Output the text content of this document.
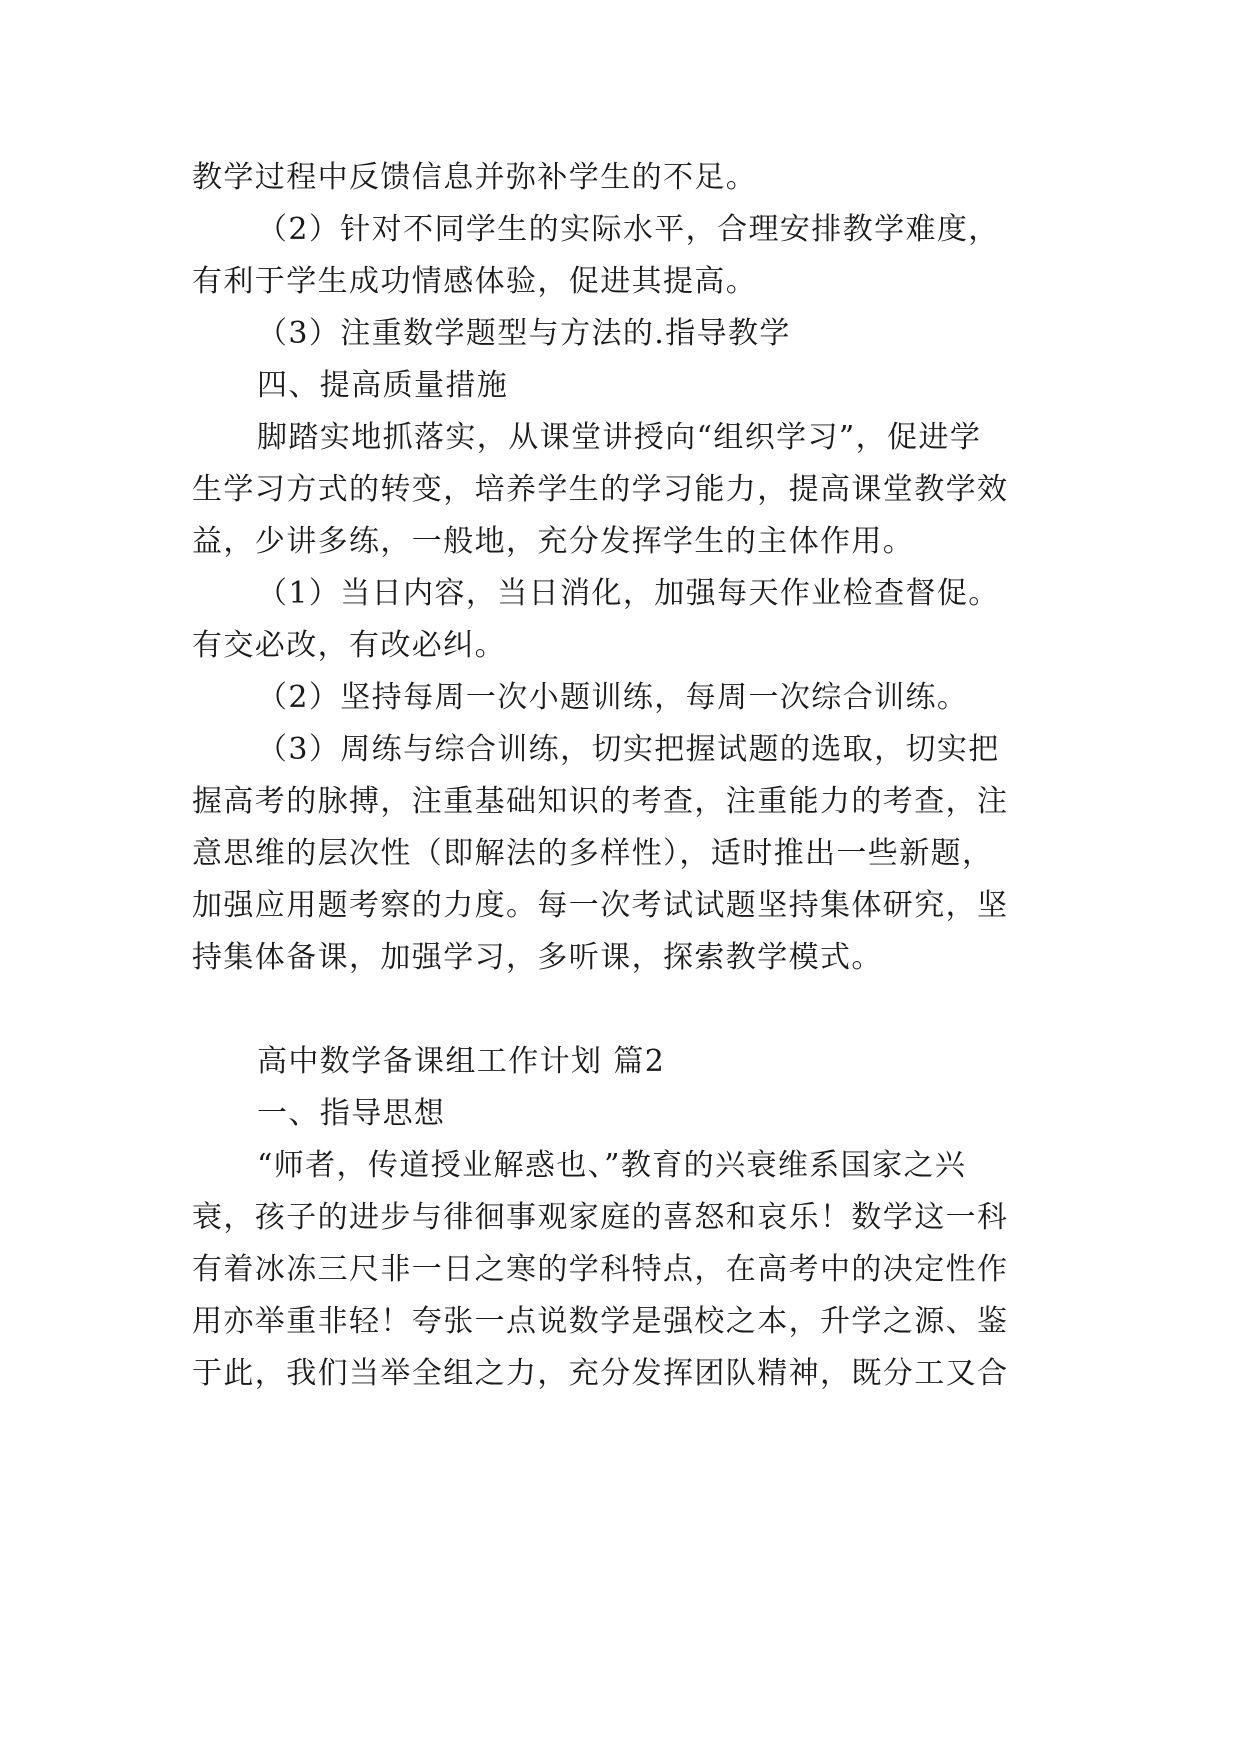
教学过程中反馈信息并弥补学生的不足。
（2）针对不同学生的实际水平，合理安排教学难度，
有利于学生成功情感体验，促进其提高。
（3）注重数学题型与方法的.指导教学
四、提高质量措施
脚踏实地抓落实，从课堂讲授向“组织学习”，促进学
生学习方式的转变，培养学生的学习能力，提高课堂教学效
益，少讲多练，一般地，充分发挥学生的主体作用。
（1）当日内容，当日消化，加强每天作业检查督促。
有交必改，有改必纠。
（2）坚持每周一次小题训练，每周一次综合训练。
（3）周练与综合训练，切实把握试题的选取，切实把
握高考的脉搏，注重基础知识的考查，注重能力的考查，注
意思维的层次性（即解法的多样性），适时推出一些新题，
加强应用题考察的力度。每一次考试试题坚持集体研究，坚
持集体备课，加强学习，多听课，探索教学模式。
高中数学备课组工作计划 篇2
一、指导思想
“师者，传道授业解惑也、”教育的兴衰维系国家之兴
衰，孩子的进步与徘徊事观家庭的喜怒和哀乐！数学这一科
有着冰冻三尺非一日之寒的学科特点，在高考中的决定性作
用亦举重非轻！夸张一点说数学是强校之本，升学之源、鉴
于此，我们当举全组之力，充分发挥团队精神，既分工又合
